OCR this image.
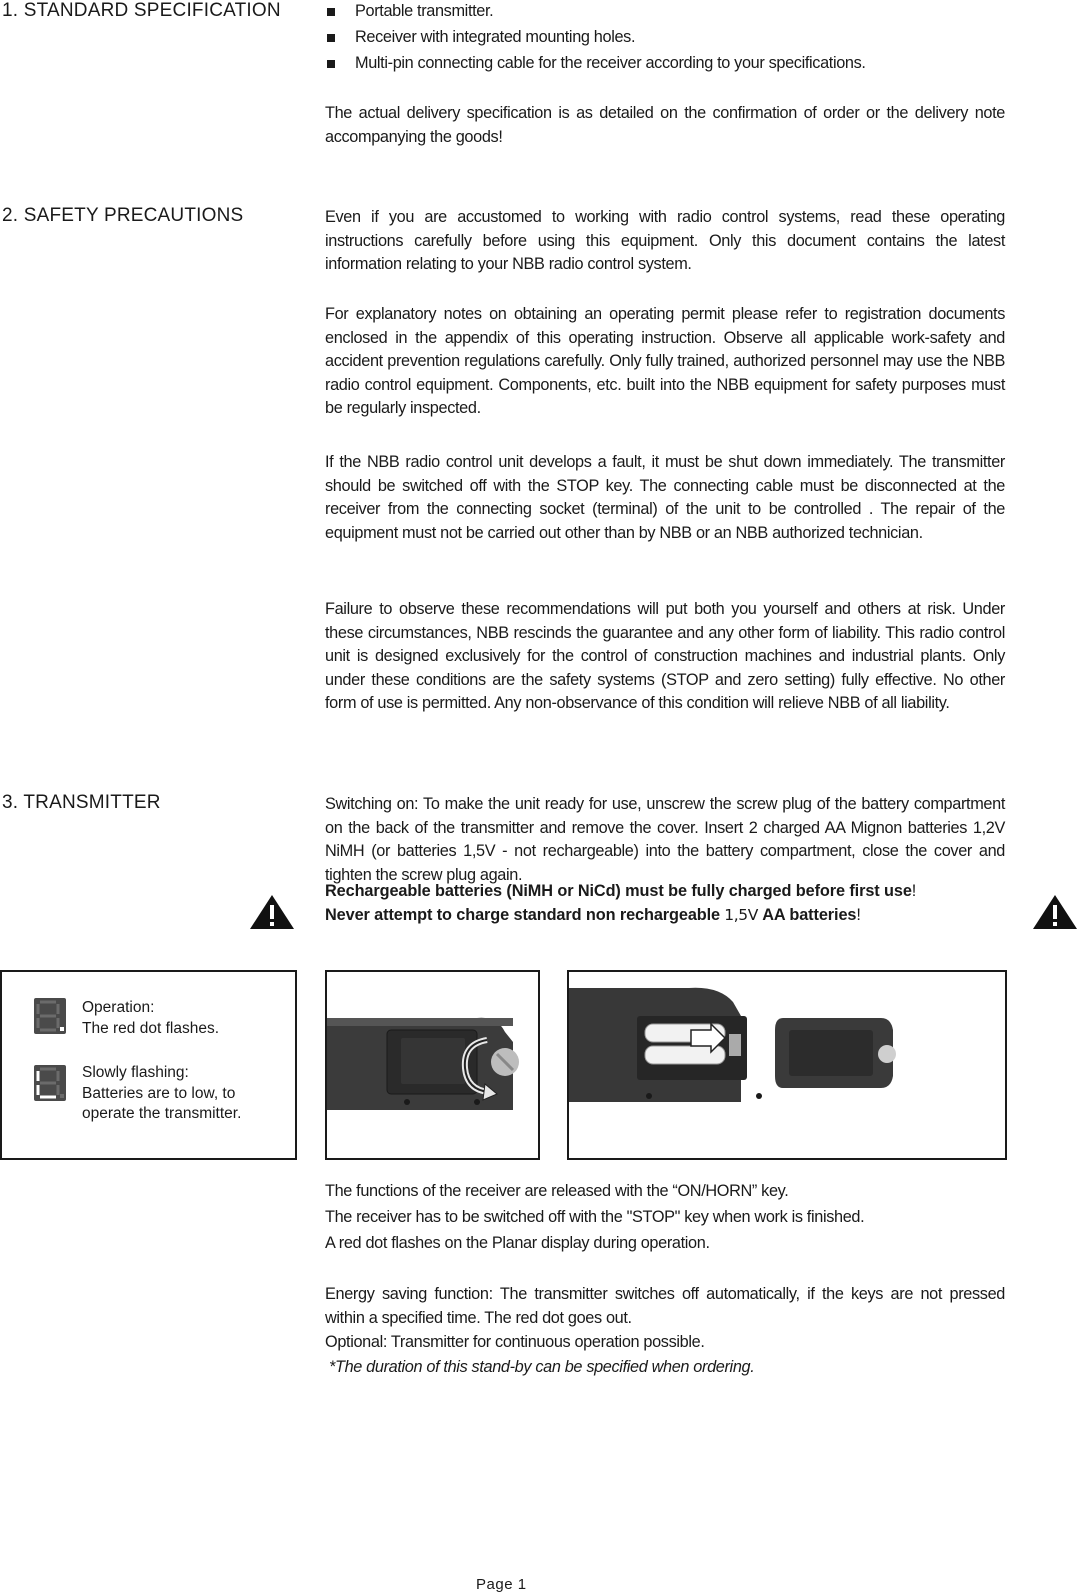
1. STANDARD SPECIFICATION	Portable transmitter.
Receiver with integrated mounting holes.
Multi-pin connecting cable for the receiver according to your specifications.

The actual delivery specification is as detailed on the confirmation of order or the delivery note accompanying the goods!

2. SAFETY PRECAUTIONS	Even if you are accustomed to working with radio control systems, read these operating instructions carefully before using this equipment. Only this document contains the latest information relating to your NBB radio control system.

For explanatory notes on obtaining an operating permit please refer to registration documents enclosed in the appendix of this operating instruction. Observe all applicable work-safety and accident prevention regulations carefully. Only fully trained, authorized personnel may use the NBB radio control equipment. Components, etc. built into the NBB equipment for safety purposes must be regularly inspected.

If the NBB radio control unit develops a fault, it must be shut down immediately. The transmitter should be switched off with the STOP key. The connecting cable must be disconnected at the receiver from the connecting socket (terminal) of the unit to be controlled . The repair of the equipment must not be carried out other than by NBB or an NBB authorized technician.

Failure to observe these recommendations will put both you yourself and others at risk. Under these circumstances, NBB rescinds the guarantee and any other form of liability. This radio control unit is designed exclusively for the control of construction machines and industrial plants. Only under these conditions are the safety systems (STOP and zero setting) fully effective. No other form of use is permitted. Any non-observance of this condition will relieve NBB of all liability.

3. TRANSMITTER	Switching on: To make the unit ready for use, unscrew the screw plug of the battery compartment on the back of the transmitter and remove the cover. Insert 2 charged AA Mignon batteries 1,2V NiMH (or batteries 1,5V - not rechargeable) into the battery compartment, close the cover and tighten the screw plug again.

Rechargeable batteries (NiMH or NiCd) must be fully charged before first use!
Never attempt to charge standard non rechargeable 1,5V AA batteries!
Operation:
The red dot flashes.
Slowly flashing:
Batteries are to low, to
operate the transmitter.

The functions of the receiver are released with the “ON/HORN” key.

The receiver has to be switched off with the "STOP" key when work is finished.

A red dot flashes on the Planar display during operation.

Energy saving function: The transmitter switches off automatically, if the keys are not pressed within a specified time. The red dot goes out.

Optional: Transmitter for continuous operation possible.

*The duration of this stand-by can be specified when ordering.

Page 1
